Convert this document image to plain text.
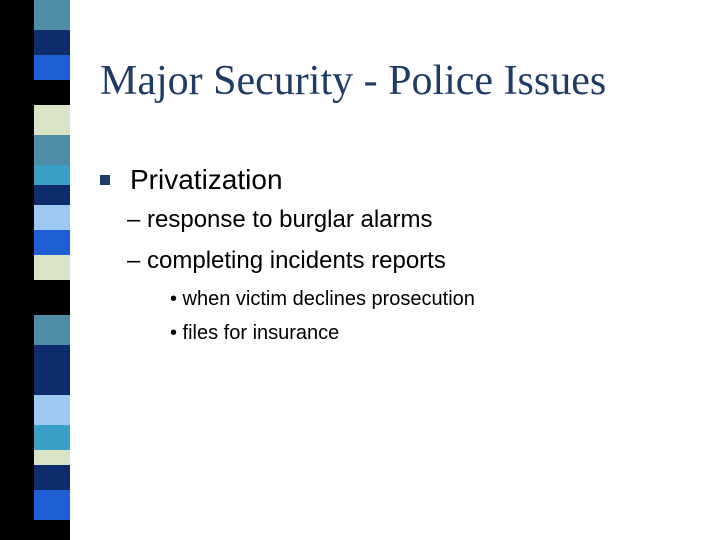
Major Security - Police Issues
Privatization
– response to burglar alarms
– completing incidents reports
• when victim declines prosecution
• files for insurance
